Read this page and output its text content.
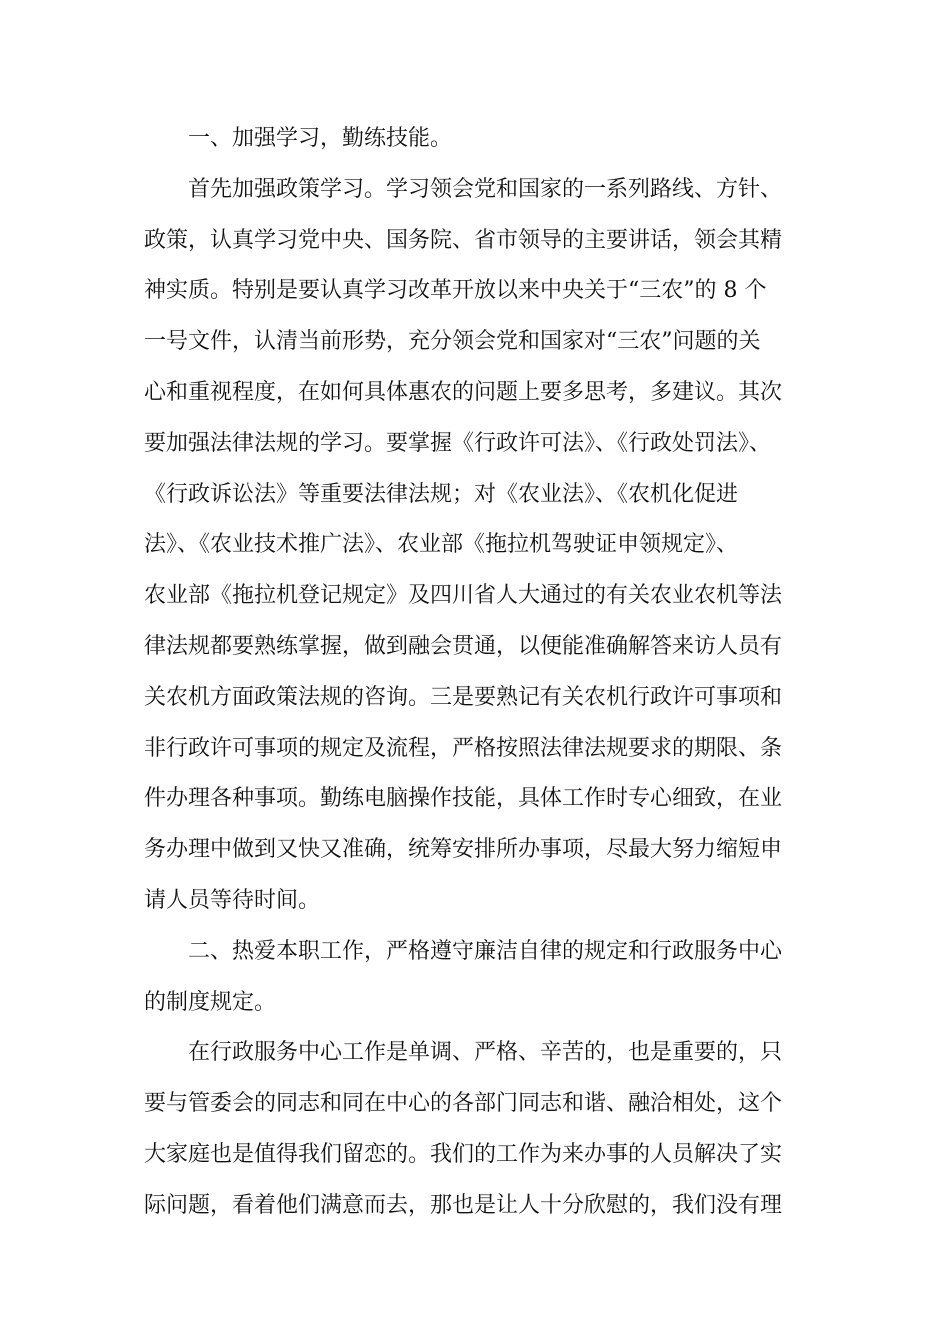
一、加强学习，勤练技能。
首先加强政策学习。学习领会党和国家的一系列路线、方针、
政策，认真学习党中央、国务院、省市领导的主要讲话，领会其精
神实质。特别是要认真学习改革开放以来中央关于“三农”的 8 个
一号文件，认清当前形势，充分领会党和国家对“三农”问题的关
心和重视程度，在如何具体惠农的问题上要多思考，多建议。其次
要加强法律法规的学习。要掌握《行政许可法》、《行政处罚法》、
《行政诉讼法》等重要法律法规；对《农业法》、《农机化促进
法》、《农业技术推广法》、农业部《拖拉机驾驶证申领规定》、
农业部《拖拉机登记规定》及四川省人大通过的有关农业农机等法
律法规都要熟练掌握，做到融会贯通，以便能准确解答来访人员有
关农机方面政策法规的咨询。三是要熟记有关农机行政许可事项和
非行政许可事项的规定及流程，严格按照法律法规要求的期限、条
件办理各种事项。勤练电脑操作技能，具体工作时专心细致，在业
务办理中做到又快又准确，统筹安排所办事项，尽最大努力缩短申
请人员等待时间。
二、热爱本职工作，严格遵守廉洁自律的规定和行政服务中心
的制度规定。
在行政服务中心工作是单调、严格、辛苦的，也是重要的，只
要与管委会的同志和同在中心的各部门同志和谐、融洽相处，这个
大家庭也是值得我们留恋的。我们的工作为来办事的人员解决了实
际问题，看着他们满意而去，那也是让人十分欣慰的，我们没有理
